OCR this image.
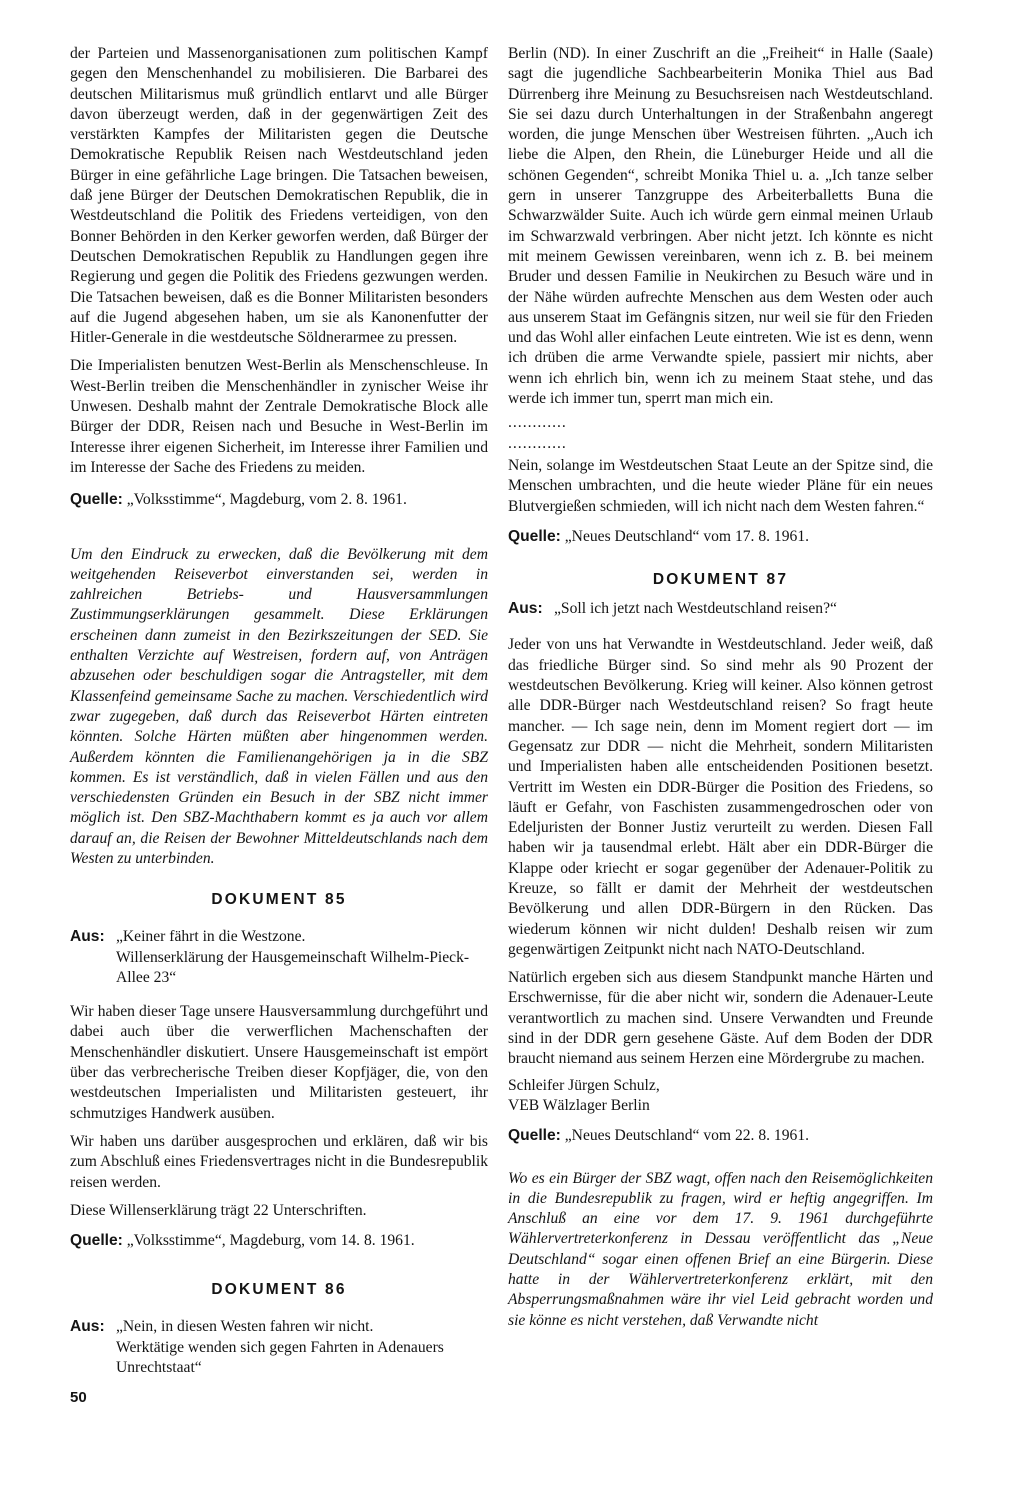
der Parteien und Massenorganisationen zum politischen Kampf gegen den Menschenhandel zu mobilisieren. Die Barbarei des deutschen Militarismus muß gründlich entlarvt und alle Bürger davon überzeugt werden, daß in der gegenwärtigen Zeit des verstärkten Kampfes der Militaristen gegen die Deutsche Demokratische Republik Reisen nach Westdeutschland jeden Bürger in eine gefährliche Lage bringen. Die Tatsachen beweisen, daß jene Bürger der Deutschen Demokratischen Republik, die in Westdeutschland die Politik des Friedens verteidigen, von den Bonner Behörden in den Kerker geworfen werden, daß Bürger der Deutschen Demokratischen Republik zu Handlungen gegen ihre Regierung und gegen die Politik des Friedens gezwungen werden. Die Tatsachen beweisen, daß es die Bonner Militaristen besonders auf die Jugend abgesehen haben, um sie als Kanonenfutter der Hitler-Generale in die westdeutsche Söldnerarmee zu pressen.

Die Imperialisten benutzen West-Berlin als Menschenschleuse. In West-Berlin treiben die Menschenhändler in zynischer Weise ihr Unwesen. Deshalb mahnt der Zentrale Demokratische Block alle Bürger der DDR, Reisen nach und Besuche in West-Berlin im Interesse ihrer eigenen Sicherheit, im Interesse ihrer Familien und im Interesse der Sache des Friedens zu meiden.

Quelle: „Volksstimme“, Magdeburg, vom 2. 8. 1961.

Um den Eindruck zu erwecken, daß die Bevölkerung mit dem weitgehenden Reiseverbot einverstanden sei, werden in zahlreichen Betriebs- und Hausversammlungen Zustimmungserklärungen gesammelt. Diese Erklärungen erscheinen dann zumeist in den Bezirkszeitungen der SED. Sie enthalten Verzichte auf Westreisen, fordern auf, von Anträgen abzusehen oder beschuldigen sogar die Antragsteller, mit dem Klassenfeind gemeinsame Sache zu machen. Verschiedentlich wird zwar zugegeben, daß durch das Reiseverbot Härten eintreten könnten. Solche Härten müßten aber hingenommen werden. Außerdem könnten die Familienangehörigen ja in die SBZ kommen. Es ist verständlich, daß in vielen Fällen und aus den verschiedensten Gründen ein Besuch in der SBZ nicht immer möglich ist. Den SBZ-Machthabern kommt es ja auch vor allem darauf an, die Reisen der Bewohner Mitteldeutschlands nach dem Westen zu unterbinden.

DOKUMENT 85
Aus: „Keiner fährt in die Westzone.
Willenserklärung der Hausgemeinschaft Wilhelm-Pieck-Allee 23“

Wir haben dieser Tage unsere Hausversammlung durchgeführt und dabei auch über die verwerflichen Machenschaften der Menschenhändler diskutiert. Unsere Hausgemeinschaft ist empört über das verbrecherische Treiben dieser Kopfjäger, die, von den westdeutschen Imperialisten und Militaristen gesteuert, ihr schmutziges Handwerk ausüben.

Wir haben uns darüber ausgesprochen und erklären, daß wir bis zum Abschluß eines Friedensvertrages nicht in die Bundesrepublik reisen werden.

Diese Willenserklärung trägt 22 Unterschriften.

Quelle: „Volksstimme“, Magdeburg, vom 14. 8. 1961.

DOKUMENT 86
Aus: „Nein, in diesen Westen fahren wir nicht.
Werktätige wenden sich gegen Fahrten in Adenauers Unrechtstaat“

Berlin (ND). In einer Zuschrift an die „Freiheit“ in Halle (Saale) sagt die jugendliche Sachbearbeiterin Monika Thiel aus Bad Dürrenberg ihre Meinung zu Besuchsreisen nach Westdeutschland. Sie sei dazu durch Unterhaltungen in der Straßenbahn angeregt worden, die junge Menschen über Westreisen führten. „Auch ich liebe die Alpen, den Rhein, die Lüneburger Heide und all die schönen Gegenden“, schreibt Monika Thiel u. a. „Ich tanze selber gern in unserer Tanzgruppe des Arbeiterballetts Buna die Schwarzwälder Suite. Auch ich würde gern einmal meinen Urlaub im Schwarzwald verbringen. Aber nicht jetzt. Ich könnte es nicht mit meinem Gewissen vereinbaren, wenn ich z. B. bei meinem Bruder und dessen Familie in Neukirchen zu Besuch wäre und in der Nähe würden aufrechte Menschen aus dem Westen oder auch aus unserem Staat im Gefängnis sitzen, nur weil sie für den Frieden und das Wohl aller einfachen Leute eintreten. Wie ist es denn, wenn ich drüben die arme Verwandte spiele, passiert mir nichts, aber wenn ich ehrlich bin, wenn ich zu meinem Staat stehe, und das werde ich immer tun, sperrt man mich ein.

............

............

Nein, solange im Westdeutschen Staat Leute an der Spitze sind, die Menschen umbrachten, und die heute wieder Pläne für ein neues Blutvergießen schmieden, will ich nicht nach dem Westen fahren.“

Quelle: „Neues Deutschland“ vom 17. 8. 1961.

DOKUMENT 87
Aus: „Soll ich jetzt nach Westdeutschland reisen?“

Jeder von uns hat Verwandte in Westdeutschland. Jeder weiß, daß das friedliche Bürger sind. So sind mehr als 90 Prozent der westdeutschen Bevölkerung. Krieg will keiner. Also können getrost alle DDR-Bürger nach Westdeutschland reisen? So fragt heute mancher. — Ich sage nein, denn im Moment regiert dort — im Gegensatz zur DDR — nicht die Mehrheit, sondern Militaristen und Imperialisten haben alle entscheidenden Positionen besetzt. Vertritt im Westen ein DDR-Bürger die Position des Friedens, so läuft er Gefahr, von Faschisten zusammengedroschen oder von Edeljuristen der Bonner Justiz verurteilt zu werden. Diesen Fall haben wir ja tausendmal erlebt. Hält aber ein DDR-Bürger die Klappe oder kriecht er sogar gegenüber der Adenauer-Politik zu Kreuze, so fällt er damit der Mehrheit der westdeutschen Bevölkerung und allen DDR-Bürgern in den Rücken. Das wiederum können wir nicht dulden! Deshalb reisen wir zum gegenwärtigen Zeitpunkt nicht nach NATO-Deutschland.

Natürlich ergeben sich aus diesem Standpunkt manche Härten und Erschwernisse, für die aber nicht wir, sondern die Adenauer-Leute verantwortlich zu machen sind. Unsere Verwandten und Freunde sind in der DDR gern gesehene Gäste. Auf dem Boden der DDR braucht niemand aus seinem Herzen eine Mördergrube zu machen.

Schleifer Jürgen Schulz,

VEB Wälzlager Berlin

Quelle: „Neues Deutschland“ vom 22. 8. 1961.

Wo es ein Bürger der SBZ wagt, offen nach den Reisemöglichkeiten in die Bundesrepublik zu fragen, wird er heftig angegriffen. Im Anschluß an eine vor dem 17. 9. 1961 durchgeführte Wählervertreterkonferenz in Dessau veröffentlicht das „Neue Deutschland“ sogar einen offenen Brief an eine Bürgerin. Diese hatte in der Wählervertreterkonferenz erklärt, mit den Absperrungsmaßnahmen wäre ihr viel Leid gebracht worden und sie könne es nicht verstehen, daß Verwandte nicht

50
